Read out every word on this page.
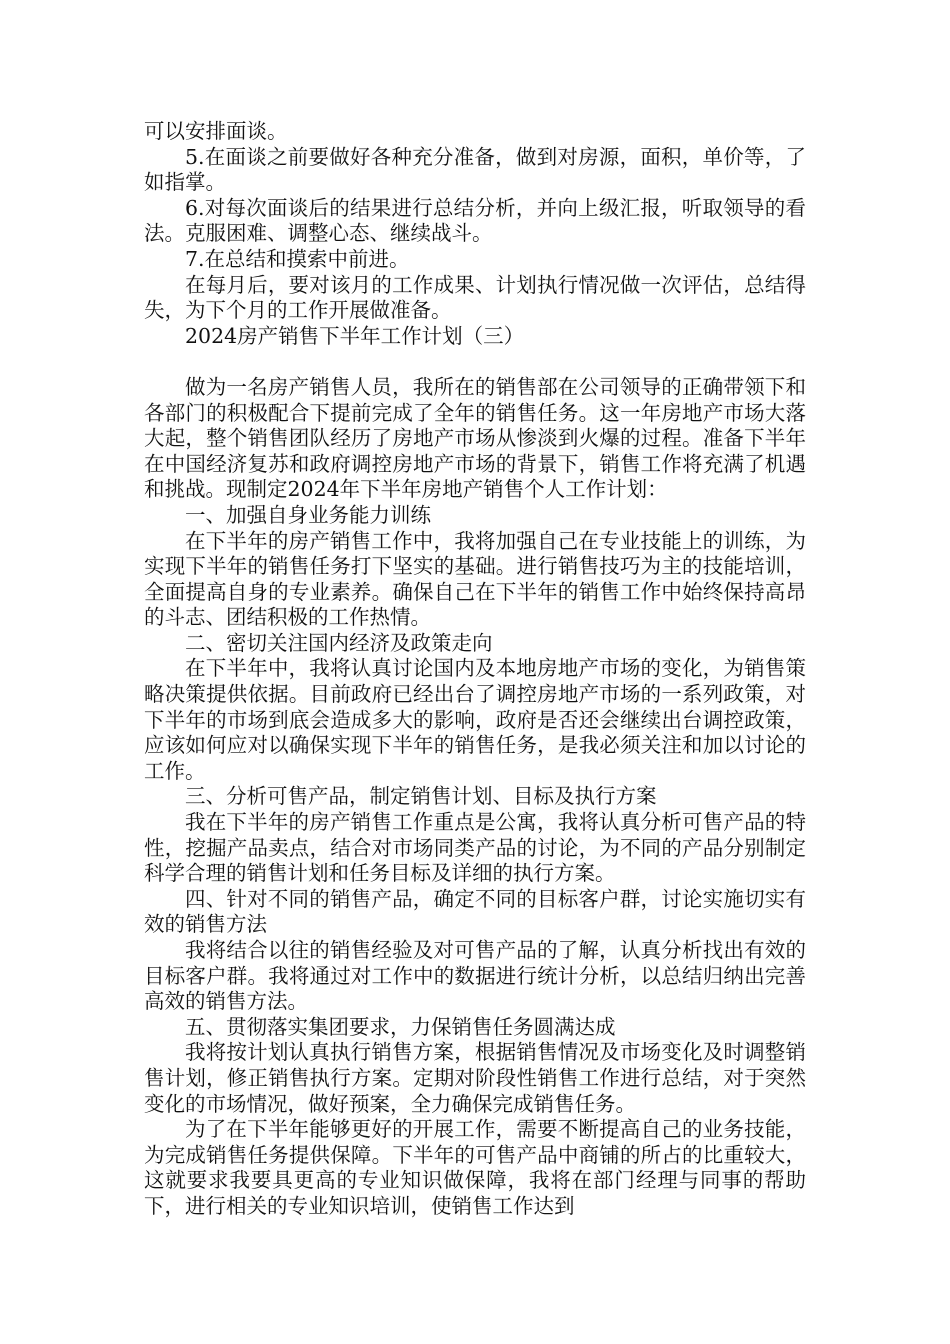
可以安排面谈。

5.在面谈之前要做好各种充分准备，做到对房源，面积，单价等，了如指掌。

6.对每次面谈后的结果进行总结分析，并向上级汇报，听取领导的看法。克服困难、调整心态、继续战斗。

7.在总结和摸索中前进。

在每月后，要对该月的工作成果、计划执行情况做一次评估，总结得失，为下个月的工作开展做准备。

2024房产销售下半年工作计划（三）

做为一名房产销售人员，我所在的销售部在公司领导的正确带领下和各部门的积极配合下提前完成了全年的销售任务。这一年房地产市场大落大起，整个销售团队经历了房地产市场从惨淡到火爆的过程。准备下半年在中国经济复苏和政府调控房地产市场的背景下，销售工作将充满了机遇和挑战。现制定2024年下半年房地产销售个人工作计划：

一、加强自身业务能力训练

在下半年的房产销售工作中，我将加强自己在专业技能上的训练，为实现下半年的销售任务打下坚实的基础。进行销售技巧为主的技能培训，全面提高自身的专业素养。确保自己在下半年的销售工作中始终保持高昂的斗志、团结积极的工作热情。

二、密切关注国内经济及政策走向

在下半年中，我将认真讨论国内及本地房地产市场的变化，为销售策略决策提供依据。目前政府已经出台了调控房地产市场的一系列政策，对下半年的市场到底会造成多大的影响，政府是否还会继续出台调控政策，应该如何应对以确保实现下半年的销售任务，是我必须关注和加以讨论的工作。

三、分析可售产品，制定销售计划、目标及执行方案

我在下半年的房产销售工作重点是公寓，我将认真分析可售产品的特性，挖掘产品卖点，结合对市场同类产品的讨论，为不同的产品分别制定科学合理的销售计划和任务目标及详细的执行方案。

四、针对不同的销售产品，确定不同的目标客户群，讨论实施切实有效的销售方法

我将结合以往的销售经验及对可售产品的了解，认真分析找出有效的目标客户群。我将通过对工作中的数据进行统计分析，以总结归纳出完善高效的销售方法。

五、贯彻落实集团要求，力保销售任务圆满达成

我将按计划认真执行销售方案，根据销售情况及市场变化及时调整销售计划，修正销售执行方案。定期对阶段性销售工作进行总结，对于突然变化的市场情况，做好预案，全力确保完成销售任务。

为了在下半年能够更好的开展工作，需要不断提高自己的业务技能，为完成销售任务提供保障。下半年的可售产品中商铺的所占的比重较大，这就要求我要具更高的专业知识做保障，我将在部门经理与同事的帮助下，进行相关的专业知识培训，使销售工作达到
